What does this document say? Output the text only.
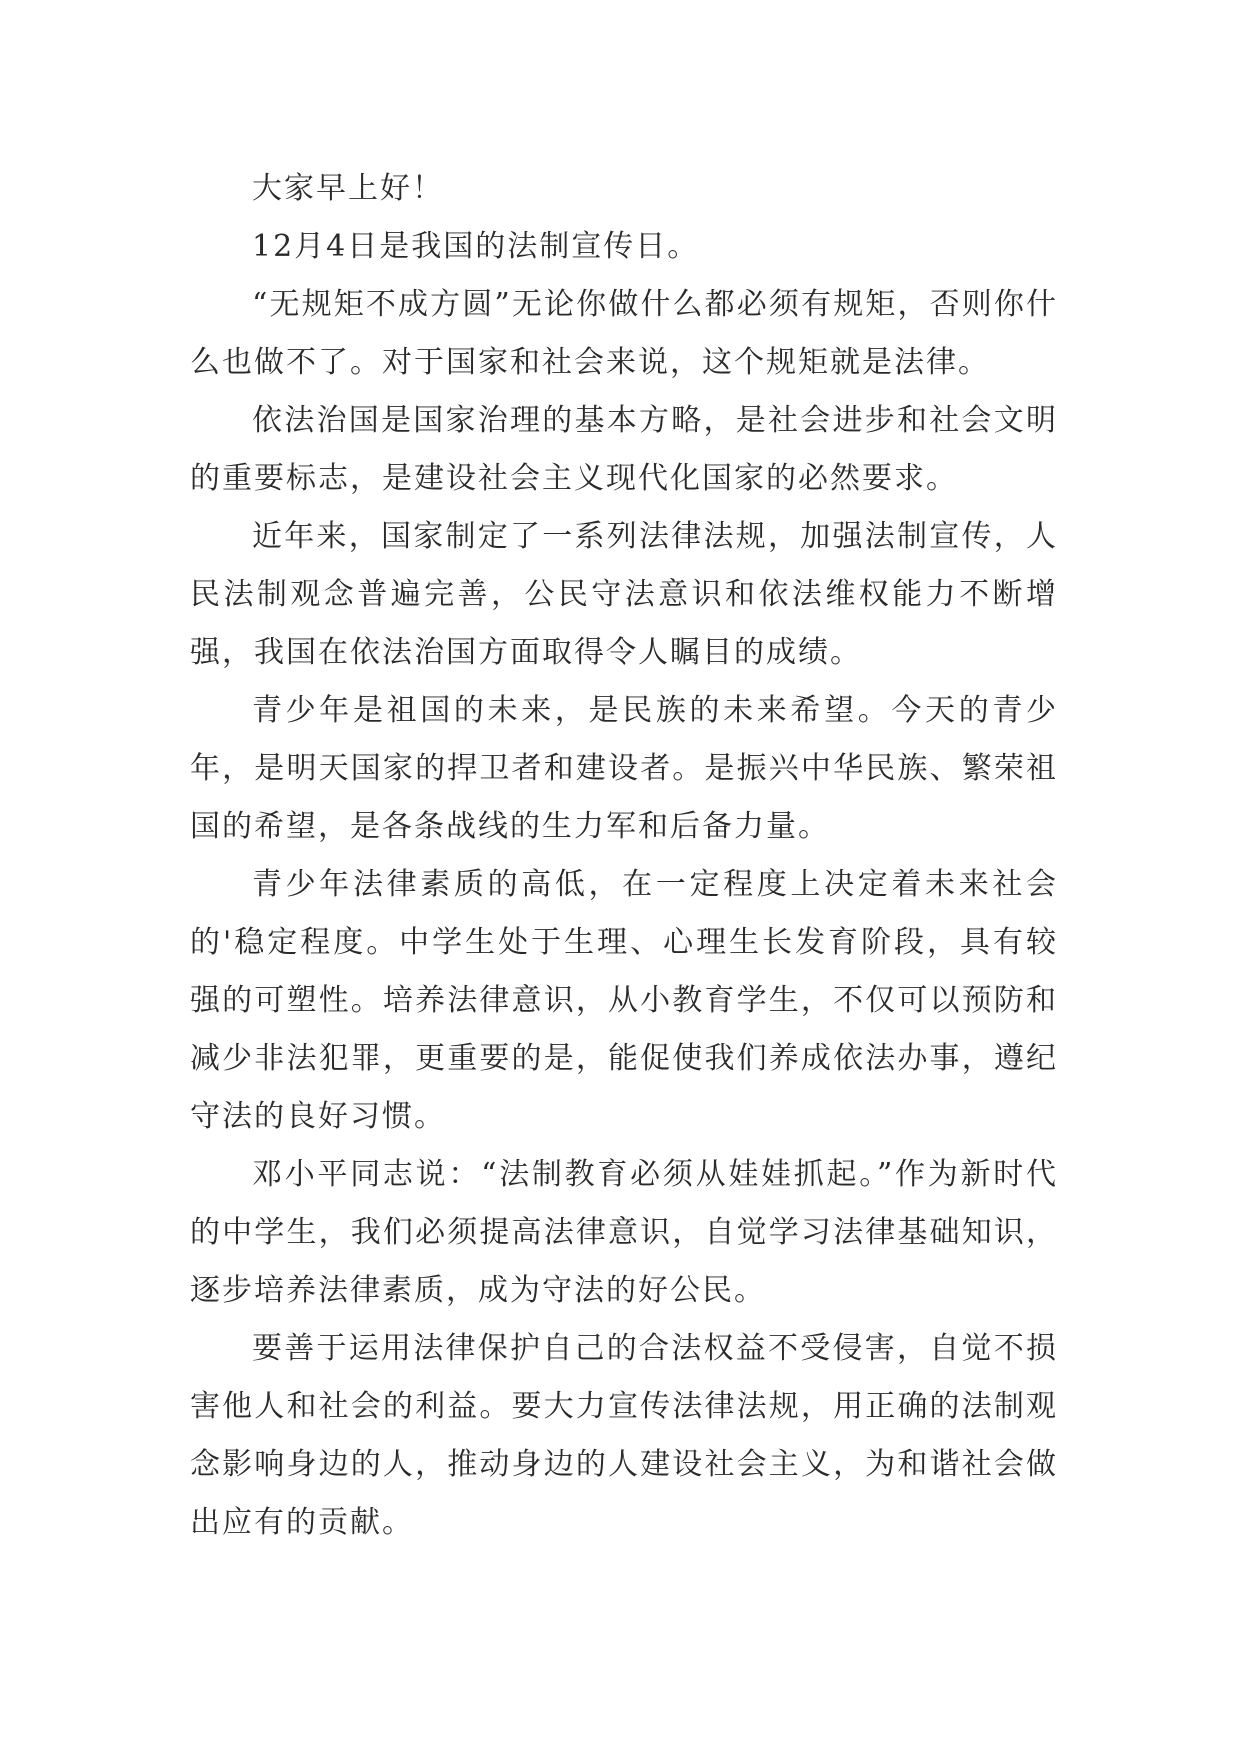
大家早上好！

12月4日是我国的法制宣传日。

“无规矩不成方圆”无论你做什么都必须有规矩，否则你什么也做不了。对于国家和社会来说，这个规矩就是法律。

依法治国是国家治理的基本方略，是社会进步和社会文明的重要标志，是建设社会主义现代化国家的必然要求。

近年来，国家制定了一系列法律法规，加强法制宣传，人民法制观念普遍完善，公民守法意识和依法维权能力不断增强，我国在依法治国方面取得令人瞩目的成绩。

青少年是祖国的未来，是民族的未来希望。今天的青少年，是明天国家的捍卫者和建设者。是振兴中华民族、繁荣祖国的希望，是各条战线的生力军和后备力量。

青少年法律素质的高低，在一定程度上决定着未来社会的'稳定程度。中学生处于生理、心理生长发育阶段，具有较强的可塑性。培养法律意识，从小教育学生，不仅可以预防和减少非法犯罪，更重要的是，能促使我们养成依法办事，遵纪守法的良好习惯。

邓小平同志说：“法制教育必须从娃娃抓起。”作为新时代的中学生，我们必须提高法律意识，自觉学习法律基础知识，逐步培养法律素质，成为守法的好公民。

要善于运用法律保护自己的合法权益不受侵害，自觉不损害他人和社会的利益。要大力宣传法律法规，用正确的法制观念影响身边的人，推动身边的人建设社会主义，为和谐社会做出应有的贡献。
